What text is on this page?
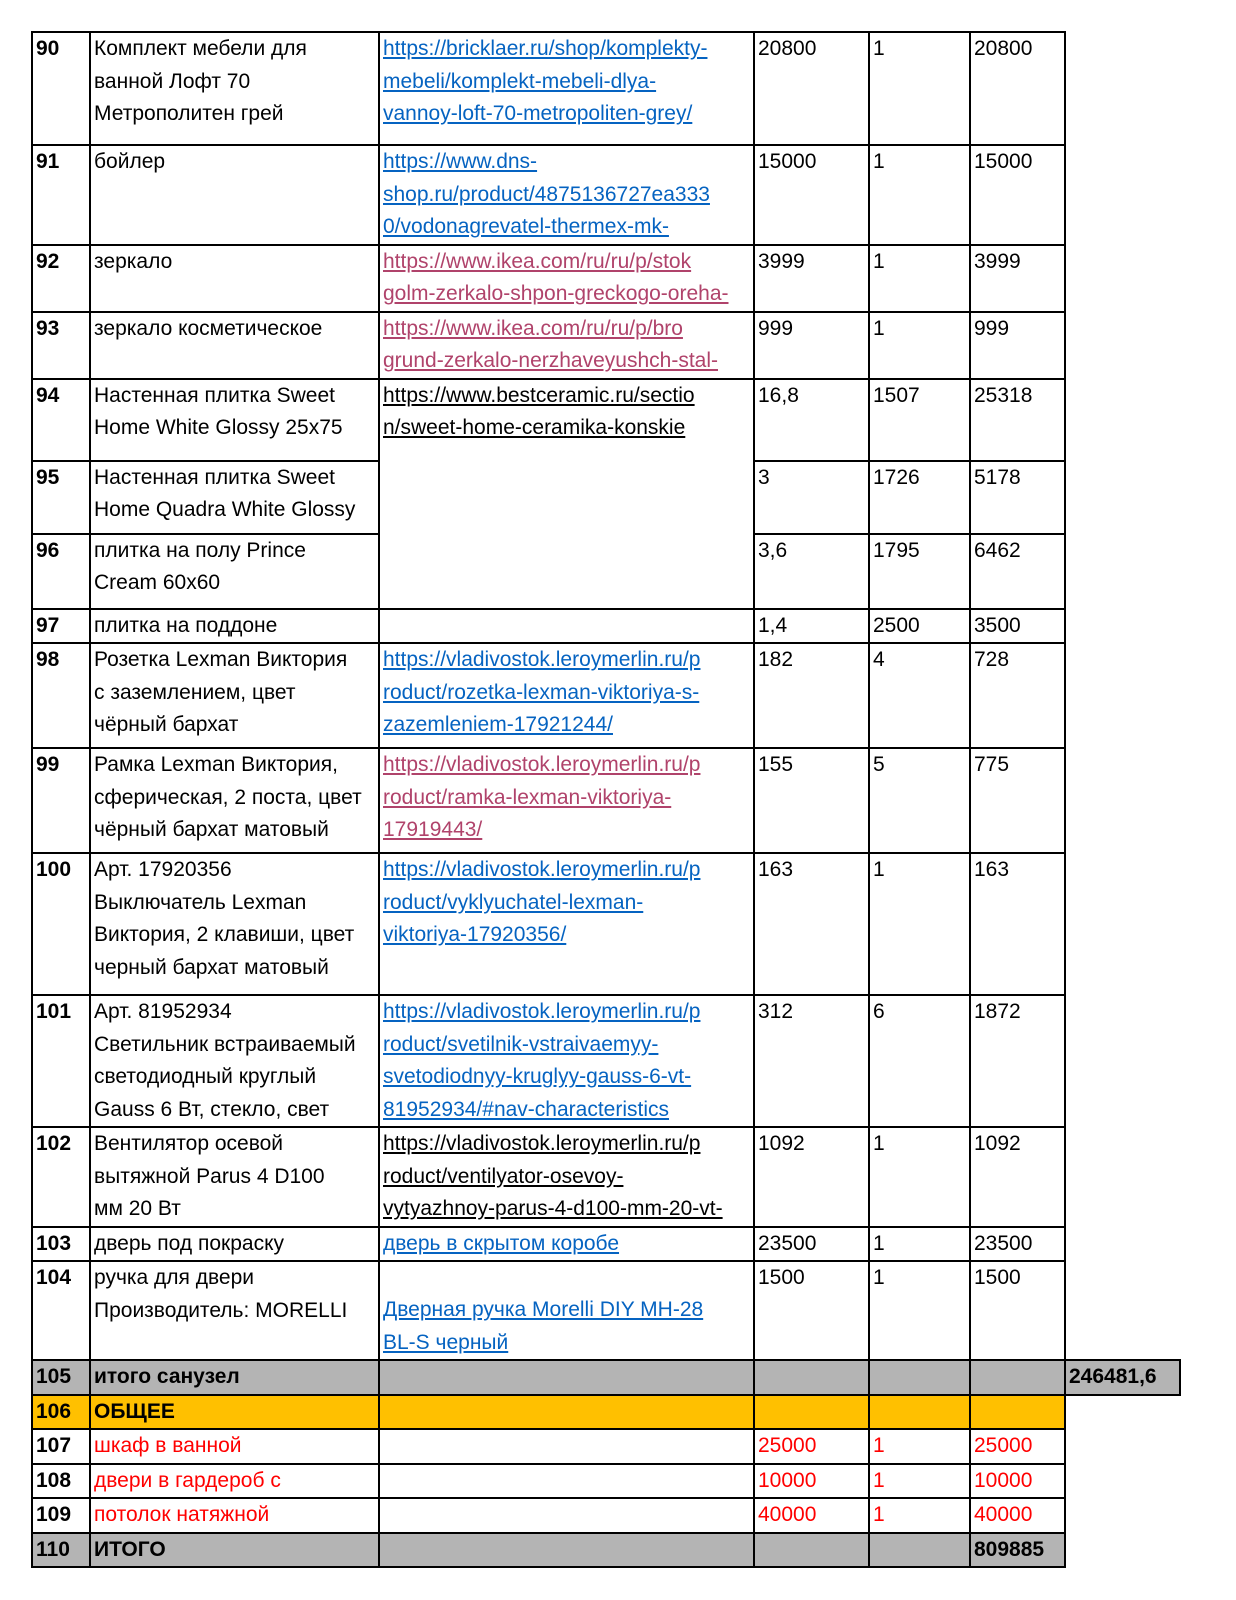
90	Комплект мебели для
ванной Лофт 70
Метрополитен грей	https://bricklaer.ru/shop/komplekty-
mebeli/komplekt-mebeli-dlya-
vannoy-loft-70-metropoliten-grey/	20800	1	20800	
91	бойлер	https://www.dns-
shop.ru/product/4875136727ea333
0/vodonagrevatel-thermex-mk-	15000	1	15000	
92	зеркало	https://www.ikea.com/ru/ru/p/stok
golm-zerkalo-shpon-greckogo-oreha-	3999	1	3999	
93	зеркало косметическое	https://www.ikea.com/ru/ru/p/bro
grund-zerkalo-nerzhaveyushch-stal-	999	1	999	
94	Настенная плитка Sweet
Home White Glossy 25x75	https://www.bestceramic.ru/sectio
n/sweet-home-ceramika-konskie	16,8	1507	25318	
95	Настенная плитка Sweet
Home Quadra White Glossy		3	1726	5178	
96	плитка на полу Prince
Cream 60x60		3,6	1795	6462	
97	плитка на поддоне		1,4	2500	3500	
98	Розетка Lexman Виктория
с заземлением, цвет
чёрный бархат	https://vladivostok.leroymerlin.ru/p
roduct/rozetka-lexman-viktoriya-s-
zazemleniem-17921244/	182	4	728	
99	Рамка Lexman Виктория,
сферическая, 2 поста, цвет
чёрный бархат матовый	https://vladivostok.leroymerlin.ru/p
roduct/ramka-lexman-viktoriya-
17919443/	155	5	775	
100	Арт. 17920356
Выключатель Lexman
Виктория, 2 клавиши, цвет
черный бархат матовый	https://vladivostok.leroymerlin.ru/p
roduct/vyklyuchatel-lexman-
viktoriya-17920356/	163	1	163	
101	Арт. 81952934
Светильник встраиваемый
светодиодный круглый
Gauss 6 Вт, стекло, свет	https://vladivostok.leroymerlin.ru/p
roduct/svetilnik-vstraivaemyy-
svetodiodnyy-kruglyy-gauss-6-vt-
81952934/#nav-characteristics	312	6	1872	
102	Вентилятор осевой
вытяжной Parus 4 D100
мм 20 Вт	https://vladivostok.leroymerlin.ru/p
roduct/ventilyator-osevoy-
vytyazhnoy-parus-4-d100-mm-20-vt-	1092	1	1092	
103	дверь под покраску	дверь в скрытом коробе	23500	1	23500	
104	ручка для двери
Производитель: MORELLI	Дверная ручка Morelli DIY MH-28
BL-S черный	1500	1	1500	
105	итого санузел					246481,6
106	ОБЩЕЕ					
107	шкаф в ванной		25000	1	25000	
108	двери в гардероб с		10000	1	10000	
109	потолок натяжной		40000	1	40000	
110	ИТОГО				809885	
